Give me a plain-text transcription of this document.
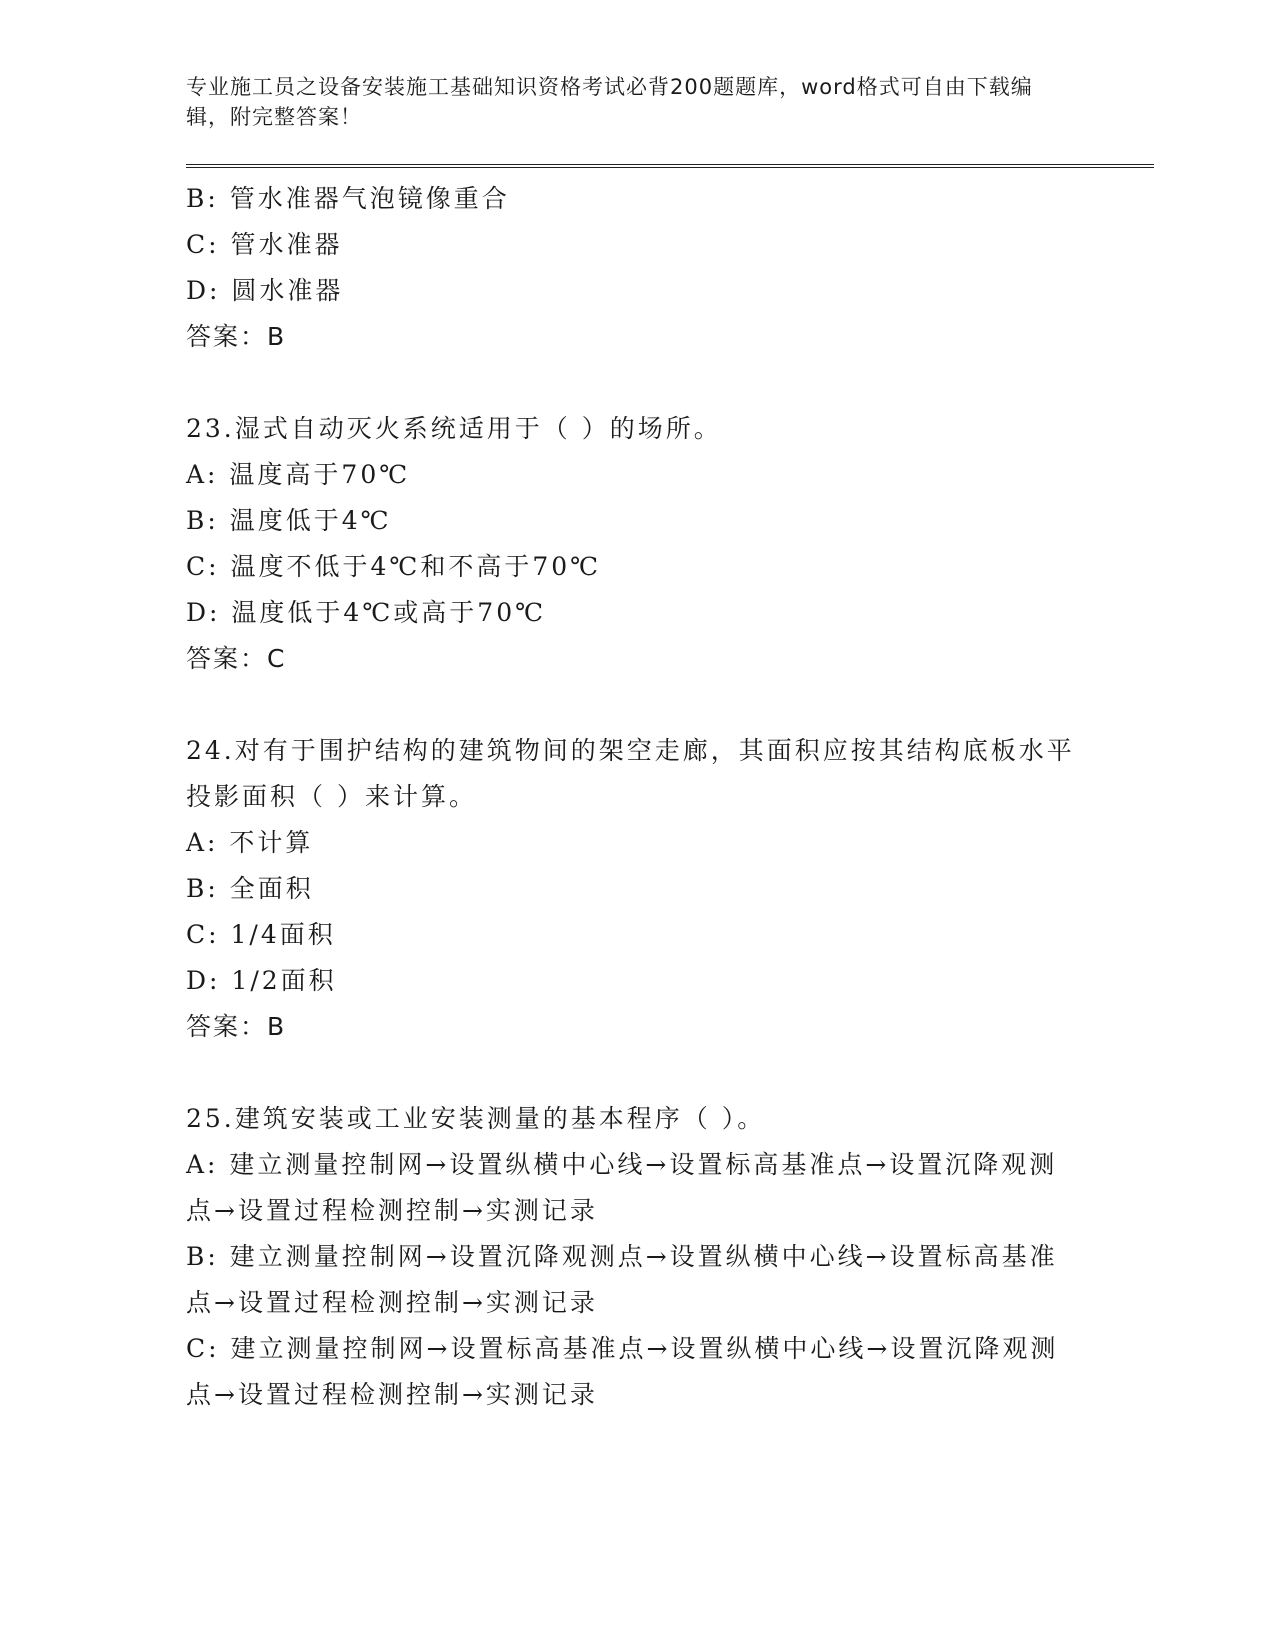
专业施工员之设备安装施工基础知识资格考试必背200题题库，word格式可自由下载编辑，附完整答案！
B: 管水准器气泡镜像重合
C: 管水准器
D: 圆水准器
答案：B
23.湿式自动灭火系统适用于（ ）的场所。
A: 温度高于70℃
B: 温度低于4℃
C: 温度不低于4℃和不高于70℃
D: 温度低于4℃或高于70℃
答案：C
24.对有于围护结构的建筑物间的架空走廊，其面积应按其结构底板水平投影面积（ ）来计算。
A: 不计算
B: 全面积
C: 1/4面积
D: 1/2面积
答案：B
25.建筑安装或工业安装测量的基本程序（ ）。
A: 建立测量控制网→设置纵横中心线→设置标高基准点→设置沉降观测点→设置过程检测控制→实测记录
B: 建立测量控制网→设置沉降观测点→设置纵横中心线→设置标高基准点→设置过程检测控制→实测记录
C: 建立测量控制网→设置标高基准点→设置纵横中心线→设置沉降观测点→设置过程检测控制→实测记录
